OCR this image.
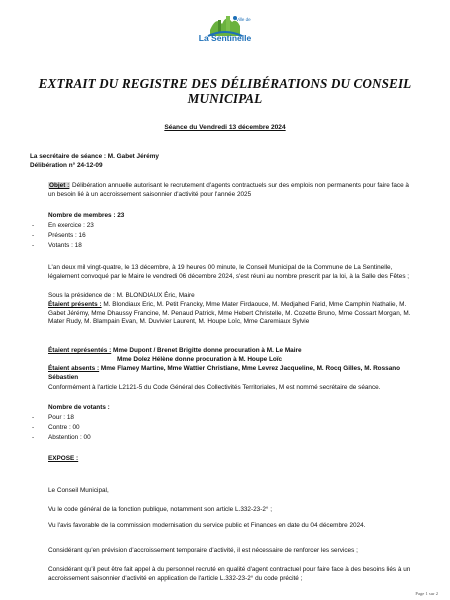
Ville de
La Sentinelle
EXTRAIT DU REGISTRE DES DÉLIBÉRATIONS DU CONSEIL MUNICIPAL
Séance du Vendredi 13 décembre 2024
La secrétaire de séance : M. Gabet Jérémy
Délibération n° 24-12-09
Objet : Délibération annuelle autorisant le recrutement d'agents contractuels sur des emplois non permanents pour faire face à un besoin lié à un accroissement saisonnier d'activité pour l'année 2025
Nombre de membres : 23
- En exercice : 23
- Présents : 16
- Votants : 18
L'an deux mil vingt-quatre, le 13 décembre, à 19 heures 00 minute, le Conseil Municipal de la Commune de La Sentinelle, légalement convoqué par le Maire le vendredi 06 décembre 2024, s'est réuni au nombre prescrit par la loi, à la Salle des Fêtes ;
Sous la présidence de : M. BLONDIAUX Éric, Maire
Étaient présents : M. Blondiaux Eric, M. Petit Francky, Mme Mater Firdaouce, M. Medjahed Farid, Mme Camphin Nathalie, M. Gabet Jérémy, Mme Dhaussy Francine, M. Penaud Patrick, Mme Hebert Christelle, M. Cozette Bruno, Mme Cossart Morgan, M. Mater Rudy, M. Blampain Evan, M. Duvivier Laurent, M. Houpe Loïc, Mme Caremiaux Sylvie
Étaient représentés : Mme Dupont / Brenet Brigitte donne procuration à M. Le Maire
Mme Dolez Hélène donne procuration à M. Houpe Loïc
Étaient absents : Mme Flamey Martine, Mme Wattier Christiane, Mme Levrez Jacqueline, M. Rocq Gilles, M. Rossano Sébastien
Conformément à l'article L2121-5 du Code Général des Collectivités Territoriales, M est nommé secrétaire de séance.
Nombre de votants :
- Pour : 18
- Contre : 00
- Abstention : 00
EXPOSE :
Le Conseil Municipal,
Vu le code général de la fonction publique, notamment son article L.332-23-2° ;
Vu l'avis favorable de la commission modernisation du service public et Finances en date du 04 décembre 2024.
Considérant qu'en prévision d'accroissement temporaire d'activité, il est nécessaire de renforcer les services ;
Considérant qu'il peut être fait appel à du personnel recruté en qualité d'agent contractuel pour faire face à des besoins liés à un accroissement saisonnier d'activité en application de l'article L.332-23-2° du code précité ;
Page 1 sur 2
